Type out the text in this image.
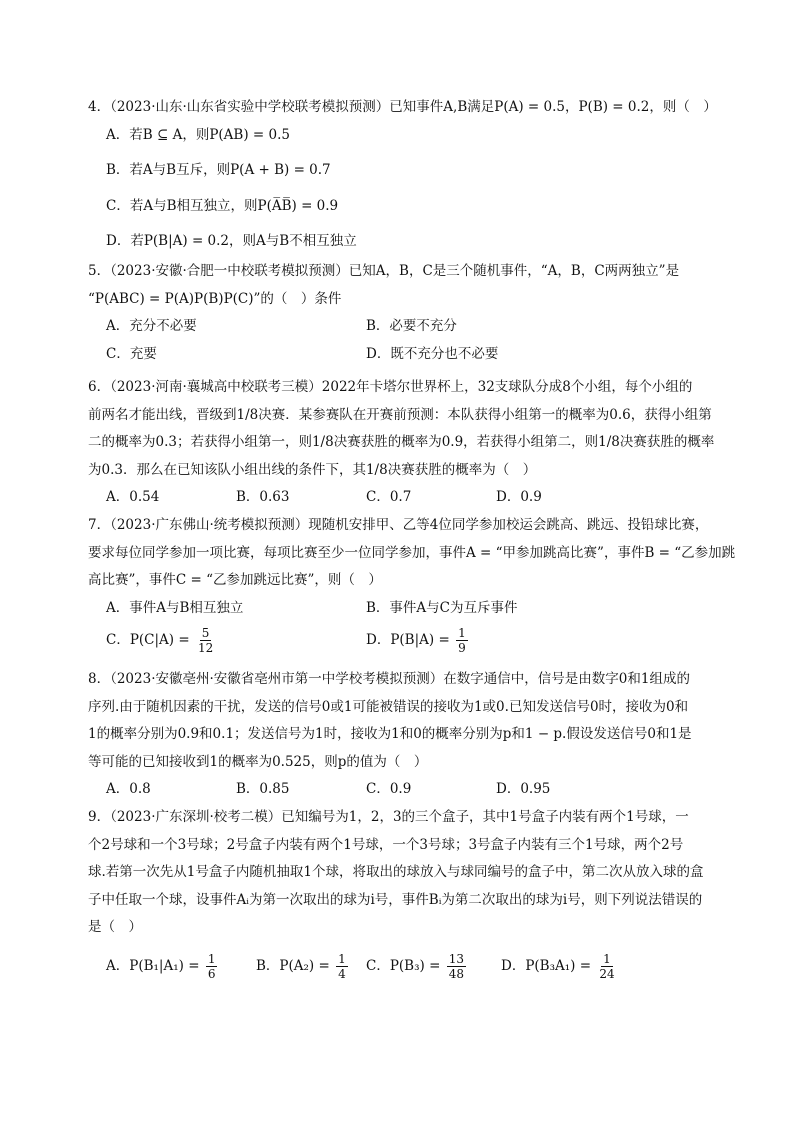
4．（2023·山东·山东省实验中学校联考模拟预测）已知事件A,B满足P(A) = 0.5，P(B) = 0.2，则（　）
A．若B ⊆ A，则P(AB) = 0.5
B．若A与B互斥，则P(A + B) = 0.7
C．若A与B相互独立，则P(A̅B̅) = 0.9
D．若P(B|A) = 0.2，则A与B不相互独立
5．（2023·安徽·合肥一中校联考模拟预测）已知A，B，C是三个随机事件，“A，B，C两两独立”是
“P(ABC) = P(A)P(B)P(C)”的（　）条件
A．充分不必要	B．必要不充分
C．充要	D．既不充分也不必要
6．（2023·河南·襄城高中校联考三模）2022年卡塔尔世界杯上，32支球队分成8个小组，每个小组的
前两名才能出线，晋级到1/8决赛．某参赛队在开赛前预测：本队获得小组第一的概率为0.6，获得小组第
二的概率为0.3；若获得小组第一，则1/8决赛获胜的概率为0.9，若获得小组第二，则1/8决赛获胜的概率
为0.3．那么在已知该队小组出线的条件下，其1/8决赛获胜的概率为（　）
A．0.54	B．0.63	C．0.7	D．0.9
7．（2023·广东佛山·统考模拟预测）现随机安排甲、乙等4位同学参加校运会跳高、跳远、投铅球比赛，
要求每位同学参加一项比赛，每项比赛至少一位同学参加，事件A = “甲参加跳高比赛”，事件B = “乙参加跳
高比赛”，事件C = “乙参加跳远比赛”，则（　）
A．事件A与B相互独立	B．事件A与C为互斥事件
C．$P(C|A) = \frac{5}{12}$	D．$P(B|A) = \frac{1}{9}$
8．（2023·安徽亳州·安徽省亳州市第一中学校考模拟预测）在数字通信中，信号是由数字0和1组成的
序列.由于随机因素的干扰，发送的信号0或1可能被错误的接收为1或0.已知发送信号0时，接收为0和
1的概率分别为0.9和0.1；发送信号为1时，接收为1和0的概率分别为p和1 − p.假设发送信号0和1是
等可能的已知接收到1的概率为0.525，则p的值为（　）
A．0.8	B．0.85	C．0.9	D．0.95
9．（2023·广东深圳·校考二模）已知编号为1，2，3的三个盒子，其中1号盒子内装有两个1号球，一
个2号球和一个3号球；2号盒子内装有两个1号球，一个3号球；3号盒子内装有三个1号球，两个2号
球.若第一次先从1号盒子内随机抽取1个球，将取出的球放入与球同编号的盒子中，第二次从放入球的盒
子中任取一个球，设事件Aᵢ为第一次取出的球为i号，事件Bᵢ为第二次取出的球为i号，则下列说法错误的
是（　）
A．$P(B_1|A_1) = \frac{1}{6}$	B．$P(A_2) = \frac{1}{4}$ C．$P(B_3) = \frac{13}{48}$	D．$P(B_3A_1) = \frac{1}{24}$
